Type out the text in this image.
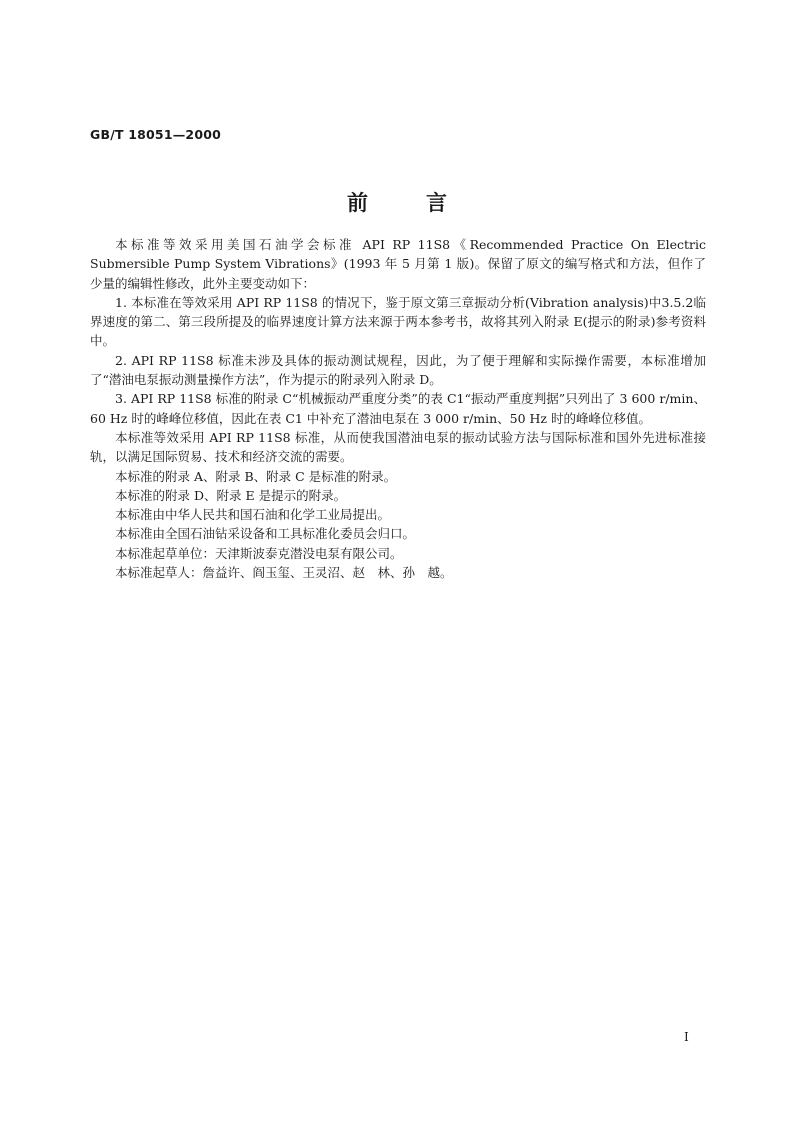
GB/T 18051—2000

前言

本标准等效采用美国石油学会标准 API RP 11S8《Recommended Practice On Electric Submersible Pump System Vibrations》(1993 年 5 月第 1 版)。保留了原文的编写格式和方法，但作了少量的编辑性修改，此外主要变动如下：

1. 本标准在等效采用 API RP 11S8 的情况下，鉴于原文第三章振动分析(Vibration analysis)中3.5.2临界速度的第二、第三段所提及的临界速度计算方法来源于两本参考书，故将其列入附录 E(提示的附录)参考资料中。

2. API RP 11S8 标准未涉及具体的振动测试规程，因此，为了便于理解和实际操作需要，本标准增加了“潜油电泵振动测量操作方法”，作为提示的附录列入附录 D。

3. API RP 11S8 标准的附录 C“机械振动严重度分类”的表 C1“振动严重度判据”只列出了 3 600 r/min、60 Hz 时的峰峰位移值，因此在表 C1 中补充了潜油电泵在 3 000 r/min、50 Hz 时的峰峰位移值。

本标准等效采用 API RP 11S8 标准，从而使我国潜油电泵的振动试验方法与国际标准和国外先进标准接轨，以满足国际贸易、技术和经济交流的需要。

本标准的附录 A、附录 B、附录 C 是标准的附录。

本标准的附录 D、附录 E 是提示的附录。

本标准由中华人民共和国石油和化学工业局提出。

本标准由全国石油钻采设备和工具标准化委员会归口。

本标准起草单位：天津斯波泰克潜没电泵有限公司。

本标准起草人：詹益许、阎玉玺、王灵沼、赵　林、孙　越。

I
